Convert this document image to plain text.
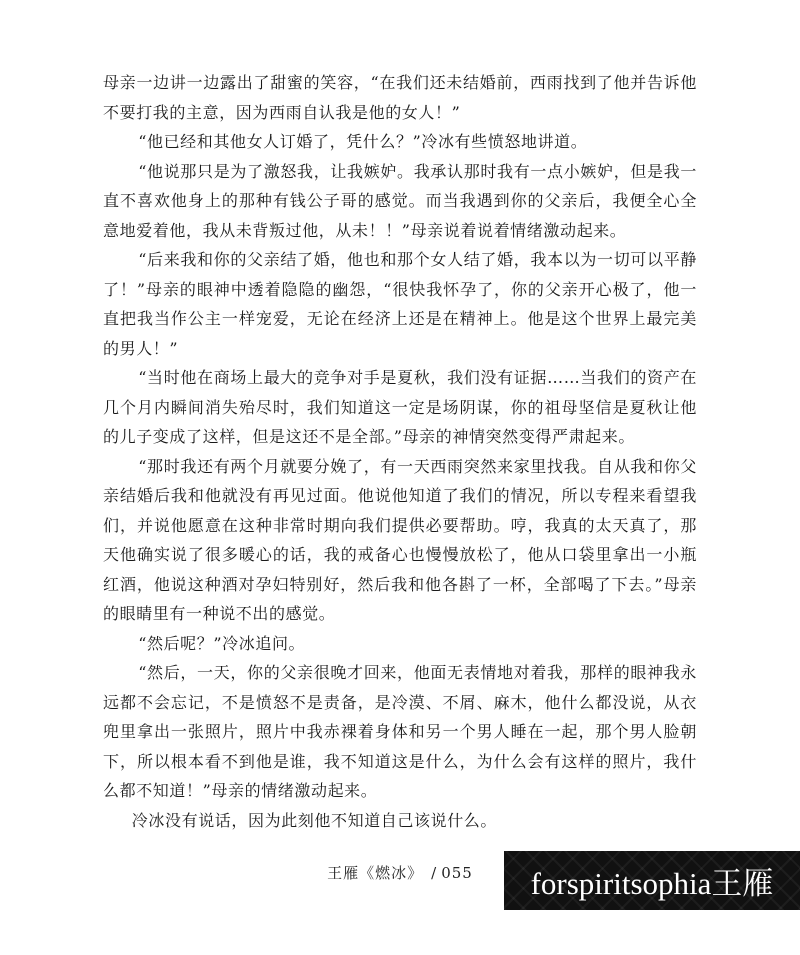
母亲一边讲一边露出了甜蜜的笑容，“在我们还未结婚前，西雨找到了他并告诉他不要打我的主意，因为西雨自认我是他的女人！”

“他已经和其他女人订婚了，凭什么？”冷冰有些愤怒地讲道。

“他说那只是为了激怒我，让我嫉妒。我承认那时我有一点小嫉妒，但是我一直不喜欢他身上的那种有钱公子哥的感觉。而当我遇到你的父亲后，我便全心全意地爱着他，我从未背叛过他，从未！！”母亲说着说着情绪激动起来。

“后来我和你的父亲结了婚，他也和那个女人结了婚，我本以为一切可以平静了！”母亲的眼神中透着隐隐的幽怨，“很快我怀孕了，你的父亲开心极了，他一直把我当作公主一样宠爱，无论在经济上还是在精神上。他是这个世界上最完美的男人！”

“当时他在商场上最大的竞争对手是夏秋，我们没有证据……当我们的资产在几个月内瞬间消失殆尽时，我们知道这一定是场阴谋，你的祖母坚信是夏秋让他的儿子变成了这样，但是这还不是全部。”母亲的神情突然变得严肃起来。

“那时我还有两个月就要分娩了，有一天西雨突然来家里找我。自从我和你父亲结婚后我和他就没有再见过面。他说他知道了我们的情况，所以专程来看望我们，并说他愿意在这种非常时期向我们提供必要帮助。哼，我真的太天真了，那天他确实说了很多暖心的话，我的戒备心也慢慢放松了，他从口袋里拿出一小瓶红酒，他说这种酒对孕妇特别好，然后我和他各斟了一杯，全部喝了下去。”母亲的眼睛里有一种说不出的感觉。

“然后呢？”冷冰追问。

“然后，一天，你的父亲很晚才回来，他面无表情地对着我，那样的眼神我永远都不会忘记，不是愤怒不是责备，是冷漠、不屑、麻木，他什么都没说，从衣兜里拿出一张照片，照片中我赤裸着身体和另一个男人睡在一起，那个男人脸朝下，所以根本看不到他是谁，我不知道这是什么，为什么会有这样的照片，我什么都不知道！”母亲的情绪激动起来。

冷冰没有说话，因为此刻他不知道自己该说什么。

王雁《燃冰》 / 055	forspiritsophia王雁
